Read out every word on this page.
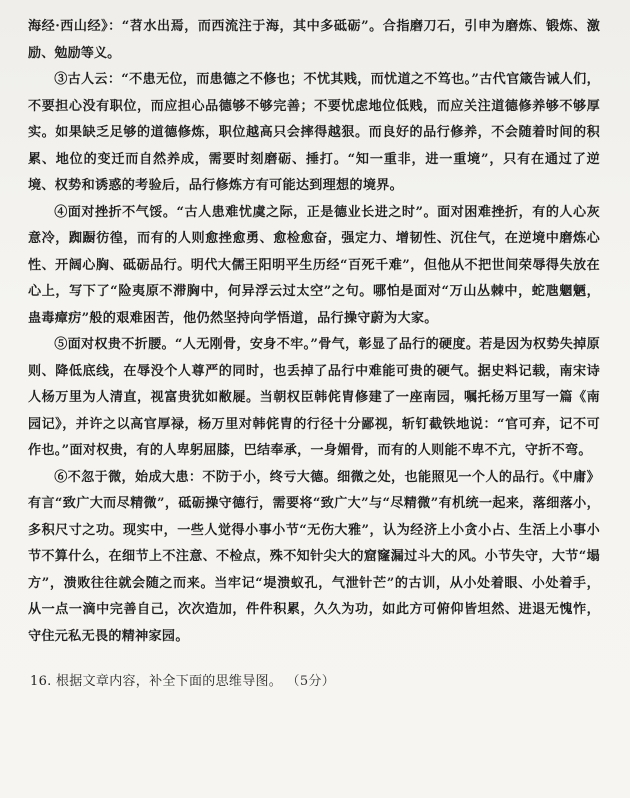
海经·西山经》：“苕水出焉，而西流注于海，其中多砥砺”。合指磨刀石，引申为磨炼、锻炼、激励、勉励等义。

③古人云：“不患无位，而患德之不修也；不忧其贱，而忧道之不笃也。”古代官箴告诫人们，不要担心没有职位，而应担心品德够不够完善；不要忧虑地位低贱，而应关注道德修养够不够厚实。如果缺乏足够的道德修炼，职位越高只会摔得越狠。而良好的品行修养，不会随着时间的积累、地位的变迁而自然养成，需要时刻磨砺、捶打。“知一重非，进一重境”，只有在通过了逆境、权势和诱惑的考验后，品行修炼方有可能达到理想的境界。

④面对挫折不气馁。“古人患难忧虞之际，正是德业长进之时”。面对困难挫折，有的人心灰意冷，踟蹰彷徨，而有的人则愈挫愈勇、愈检愈奋，强定力、增韧性、沉住气，在逆境中磨炼心性、开阔心胸、砥砺品行。明代大儒王阳明平生历经“百死千难”，但他从不把世间荣辱得失放在心上，写下了“险夷原不滞胸中，何异浮云过太空”之句。哪怕是面对“万山丛棘中，蛇虺魍魉，蛊毒瘴疠”般的艰难困苦，他仍然坚持向学悟道，品行操守蔚为大家。

⑤面对权贵不折腰。“人无刚骨，安身不牢。”骨气，彰显了品行的硬度。若是因为权势失掉原则、降低底线，在辱没个人尊严的同时，也丢掉了品行中难能可贵的硬气。据史料记载，南宋诗人杨万里为人清直，视富贵犹如敝屣。当朝权臣韩侂胄修建了一座南园，嘱托杨万里写一篇《南园记》，并许之以高官厚禄，杨万里对韩侂胄的行径十分鄙视，斩钉截铁地说：“官可弃，记不可作也。”面对权贵，有的人卑躬屈膝，巴结奉承，一身媚骨，而有的人则能不卑不亢，守折不弯。

⑥不忽于微，始成大患：不防于小，终亏大德。细微之处，也能照见一个人的品行。《中庸》有言“致广大而尽精微”，砥砺操守德行，需要将“致广大”与“尽精微”有机统一起来，落细落小，多积尺寸之功。现实中，一些人觉得小事小节“无伤大雅”，认为经济上小贪小占、生活上小事小节不算什么，在细节上不注意、不检点，殊不知针尖大的窟窿漏过斗大的风。小节失守，大节“塌方”，溃败往往就会随之而来。当牢记“堤溃蚁孔，气泄针芒”的古训，从小处着眼、小处着手，从一点一滴中完善自己，次次造加，件件积累，久久为功，如此方可俯仰皆坦然、进退无愧怍，守住元私无畏的精神家园。

16. 根据文章内容，补全下面的思维导图。 （5分）
